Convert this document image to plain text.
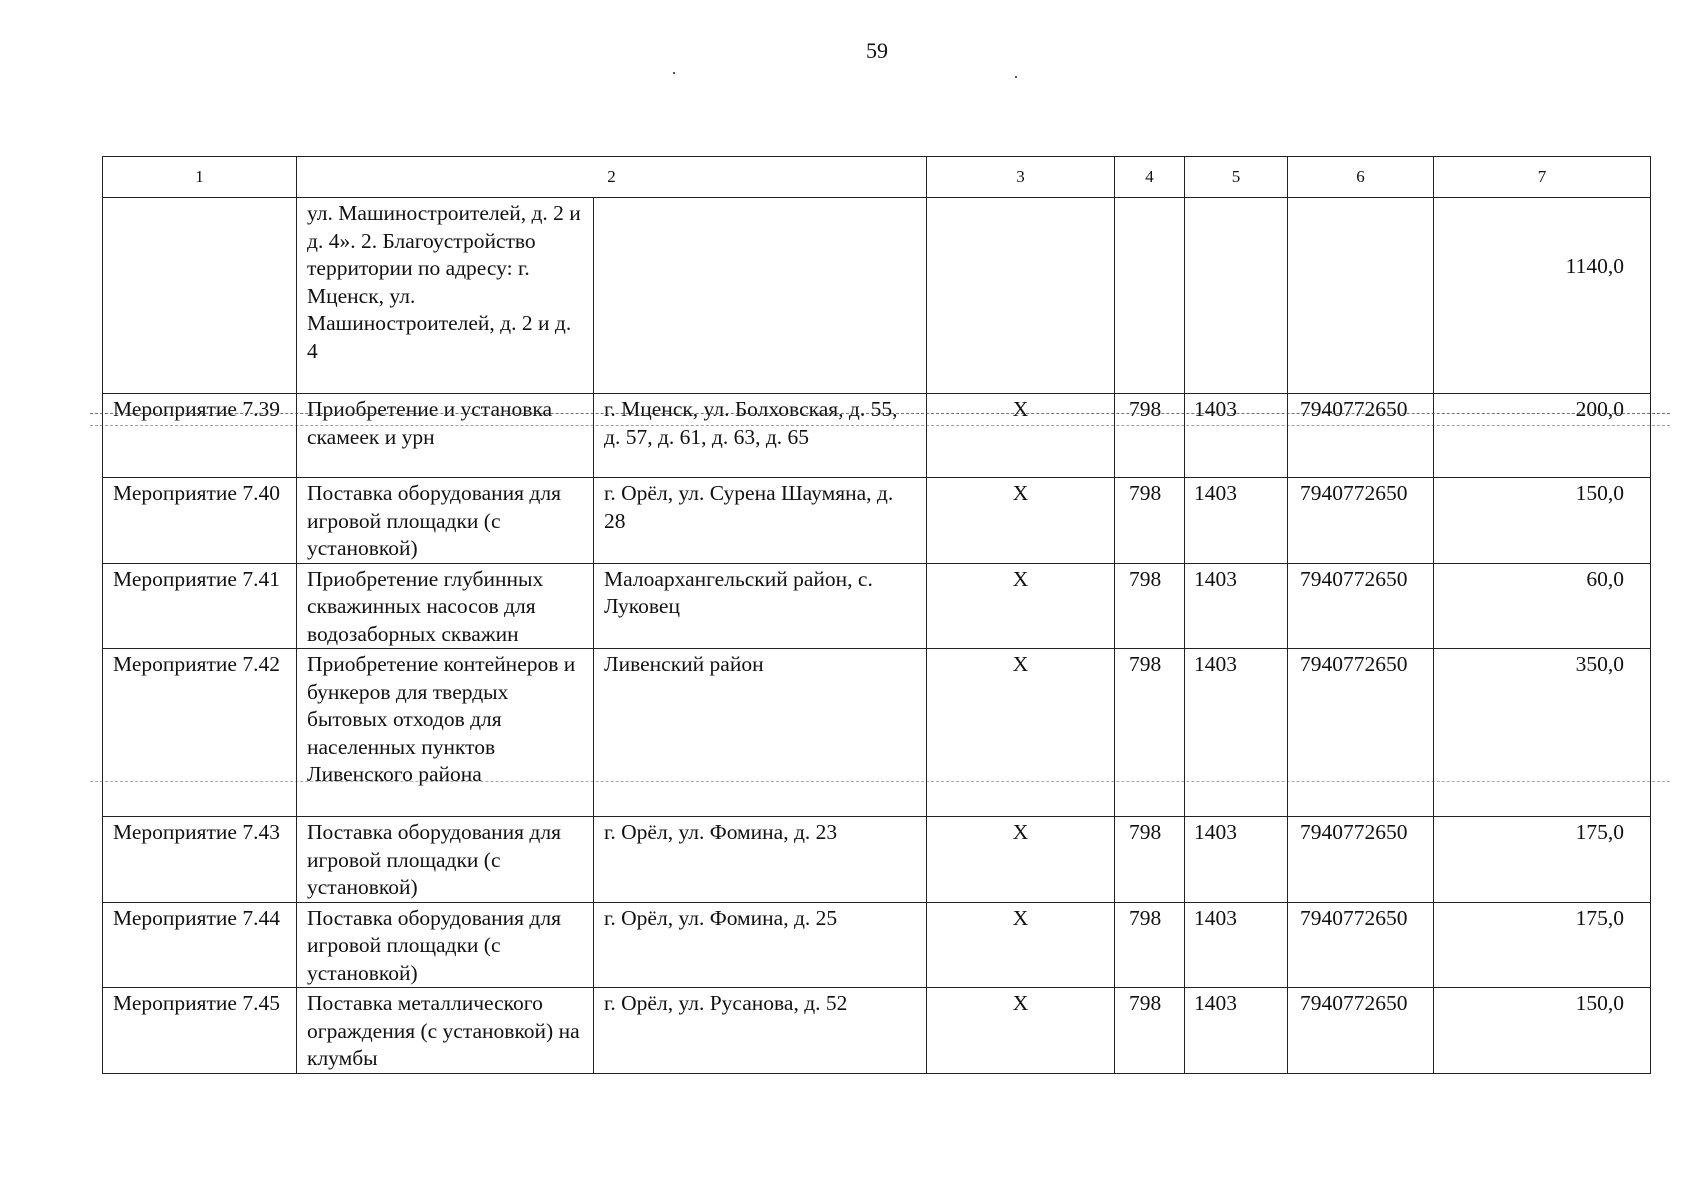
59
1	2		3	4	5	6	7
	ул. Машиностроителей, д. 2 и д. 4». 2. Благоустройство территории по адресу: г. Мценск, ул. Машиностроителей, д. 2 и д. 4						1140,0
Мероприятие 7.39	Приобретение и установка скамеек и урн	г. Мценск, ул. Болховская, д. 55, д. 57, д. 61, д. 63, д. 65	X	798	1403	7940772650	200,0
Мероприятие 7.40	Поставка оборудования для игровой площадки (с установкой)	г. Орёл, ул. Сурена Шаумяна, д. 28	X	798	1403	7940772650	150,0
Мероприятие 7.41	Приобретение глубинных скважинных насосов для водозаборных скважин	Малоархангельский район, с. Луковец	X	798	1403	7940772650	60,0
Мероприятие 7.42	Приобретение контейнеров и бункеров для твердых бытовых отходов для населенных пунктов Ливенского района	Ливенский район	X	798	1403	7940772650	350,0
Мероприятие 7.43	Поставка оборудования для игровой площадки (с установкой)	г. Орёл, ул. Фомина, д. 23	X	798	1403	7940772650	175,0
Мероприятие 7.44	Поставка оборудования для игровой площадки (с установкой)	г. Орёл, ул. Фомина, д. 25	X	798	1403	7940772650	175,0
Мероприятие 7.45	Поставка металлического ограждения (с установкой) на клумбы	г. Орёл, ул. Русанова, д. 52	X	798	1403	7940772650	150,0
